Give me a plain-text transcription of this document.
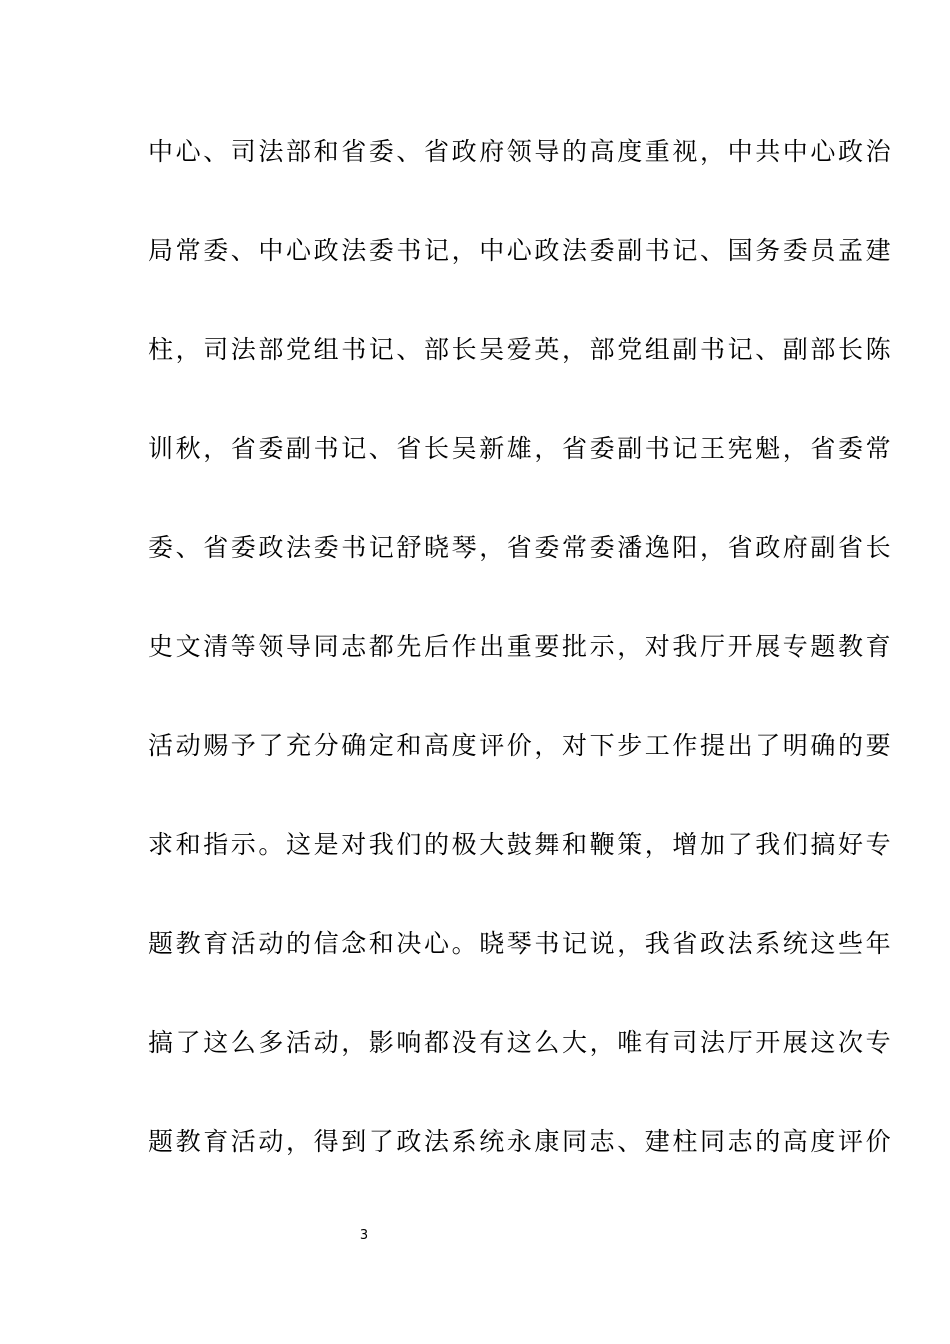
中心、司法部和省委、省政府领导的高度重视，中共中心政治
局常委、中心政法委书记，中心政法委副书记、国务委员孟建
柱，司法部党组书记、部长吴爱英，部党组副书记、副部长陈
训秋，省委副书记、省长吴新雄，省委副书记王宪魁，省委常
委、省委政法委书记舒晓琴，省委常委潘逸阳，省政府副省长
史文清等领导同志都先后作出重要批示，对我厅开展专题教育
活动赐予了充分确定和高度评价，对下步工作提出了明确的要
求和指示。这是对我们的极大鼓舞和鞭策，增加了我们搞好专
题教育活动的信念和决心。晓琴书记说，我省政法系统这些年
搞了这么多活动，影响都没有这么大，唯有司法厅开展这次专
题教育活动，得到了政法系统永康同志、建柱同志的高度评价
3
